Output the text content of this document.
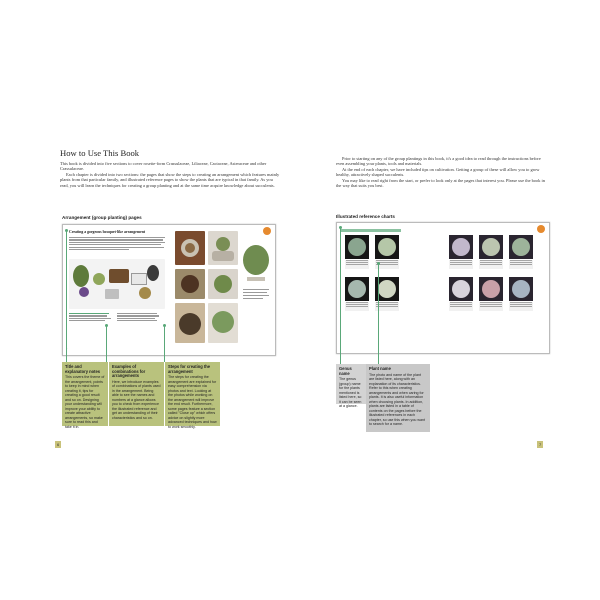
How to Use This Book

This book is divided into five sections to cover rosette-form Crassulaceae, Liliaceae, Cactaceae, Asteraceae and other Crassulaceae.

Each chapter is divided into two sections: the pages that show the steps to creating an arrangement which features mainly plants from that particular family, and illustrated reference pages to show the plants that are typical in that family. As you read, you will learn the techniques for creating a group planting and at the same time acquire knowledge about succulents.

Arrangement (group planting) pages
Creating a gorgeous bouquet-like arrangement
·
Title and explanatory notes
This covers the theme of the arrangement, points to keep in mind when creating it, tips for creating a good result and so on. Designing your understanding will improve your ability to create attractive arrangements, so make sure to read this and take it in.
Examples of combinations for arrangements
Here, we introduce examples of combinations of plants used in the arrangement. Being able to see the names and numbers at a glance allows you to check from experience the illustrated reference and get an understanding of their characteristics and so on.
Steps for creating the arrangement
The steps for creating the arrangement are explained for easy comprehension via photos and text. Looking at the photos while working on the arrangement will improve the end result. Furthermore, some pages feature a section called "Close up" which offers advice on slightly more advanced techniques and how to work smoothly.
6

Prior to starting on any of the group plantings in this book, it's a good idea to read through the instructions before even assembling your plants, tools and materials.

At the end of each chapter, we have included tips on cultivation. Getting a group of these will allow you to grow healthy, attractively shaped succulents.

You may like to read right from the start, or prefer to look only at the pages that interest you. Please use the book in the way that suits you best.

Illustrated reference charts
Genus name
The genus (group) name for the plants mentioned is listed here, so it can be seen at a glance.
Plant name
The photo and name of the plant are listed here, along with an explanation of its characteristics. Refer to this when creating arrangements and when caring for plants. It is also useful information when choosing plants. In addition, plants are listed in a table of contents on the pages before the illustrated references in each chapter, so use this when you want to search for a name.
7
